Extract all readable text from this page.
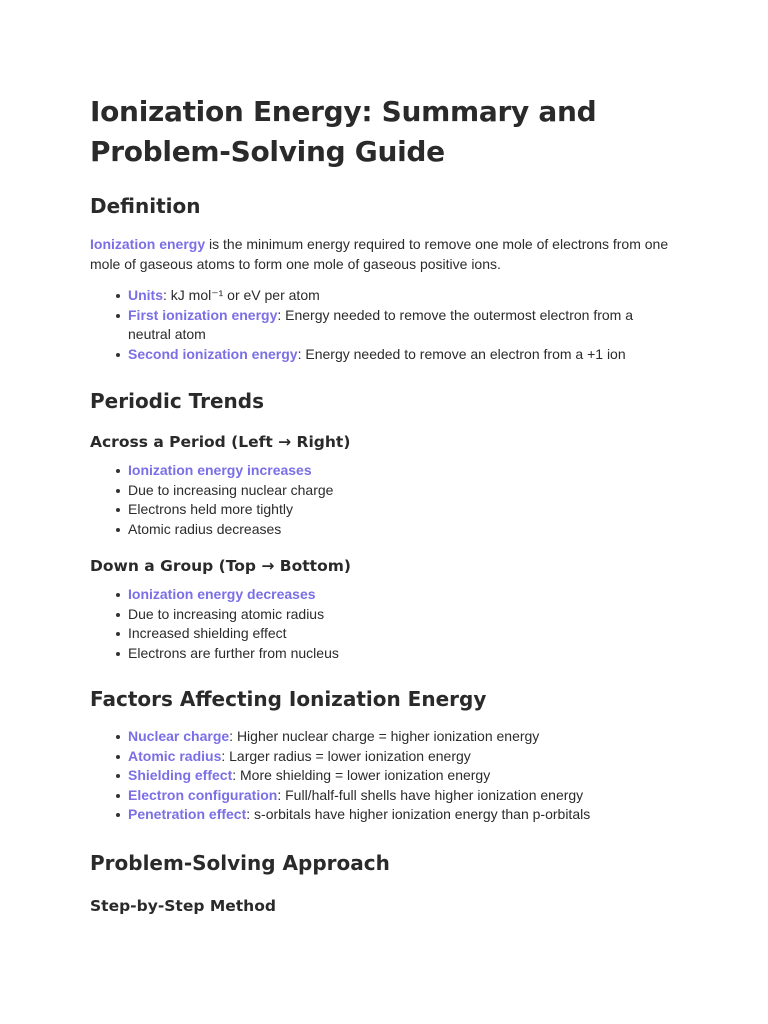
Ionization Energy: Summary and Problem-Solving Guide
Definition

Ionization energy is the minimum energy required to remove one mole of electrons from one mole of gaseous atoms to form one mole of gaseous positive ions.

Units: kJ mol⁻¹ or eV per atom
First ionization energy: Energy needed to remove the outermost electron from a neutral atom
Second ionization energy: Energy needed to remove an electron from a +1 ion
Periodic Trends
Across a Period (Left → Right)
Ionization energy increases
Due to increasing nuclear charge
Electrons held more tightly
Atomic radius decreases
Down a Group (Top → Bottom)
Ionization energy decreases
Due to increasing atomic radius
Increased shielding effect
Electrons are further from nucleus
Factors Affecting Ionization Energy
Nuclear charge: Higher nuclear charge = higher ionization energy
Atomic radius: Larger radius = lower ionization energy
Shielding effect: More shielding = lower ionization energy
Electron configuration: Full/half-full shells have higher ionization energy
Penetration effect: s-orbitals have higher ionization energy than p-orbitals
Problem-Solving Approach
Step-by-Step Method
